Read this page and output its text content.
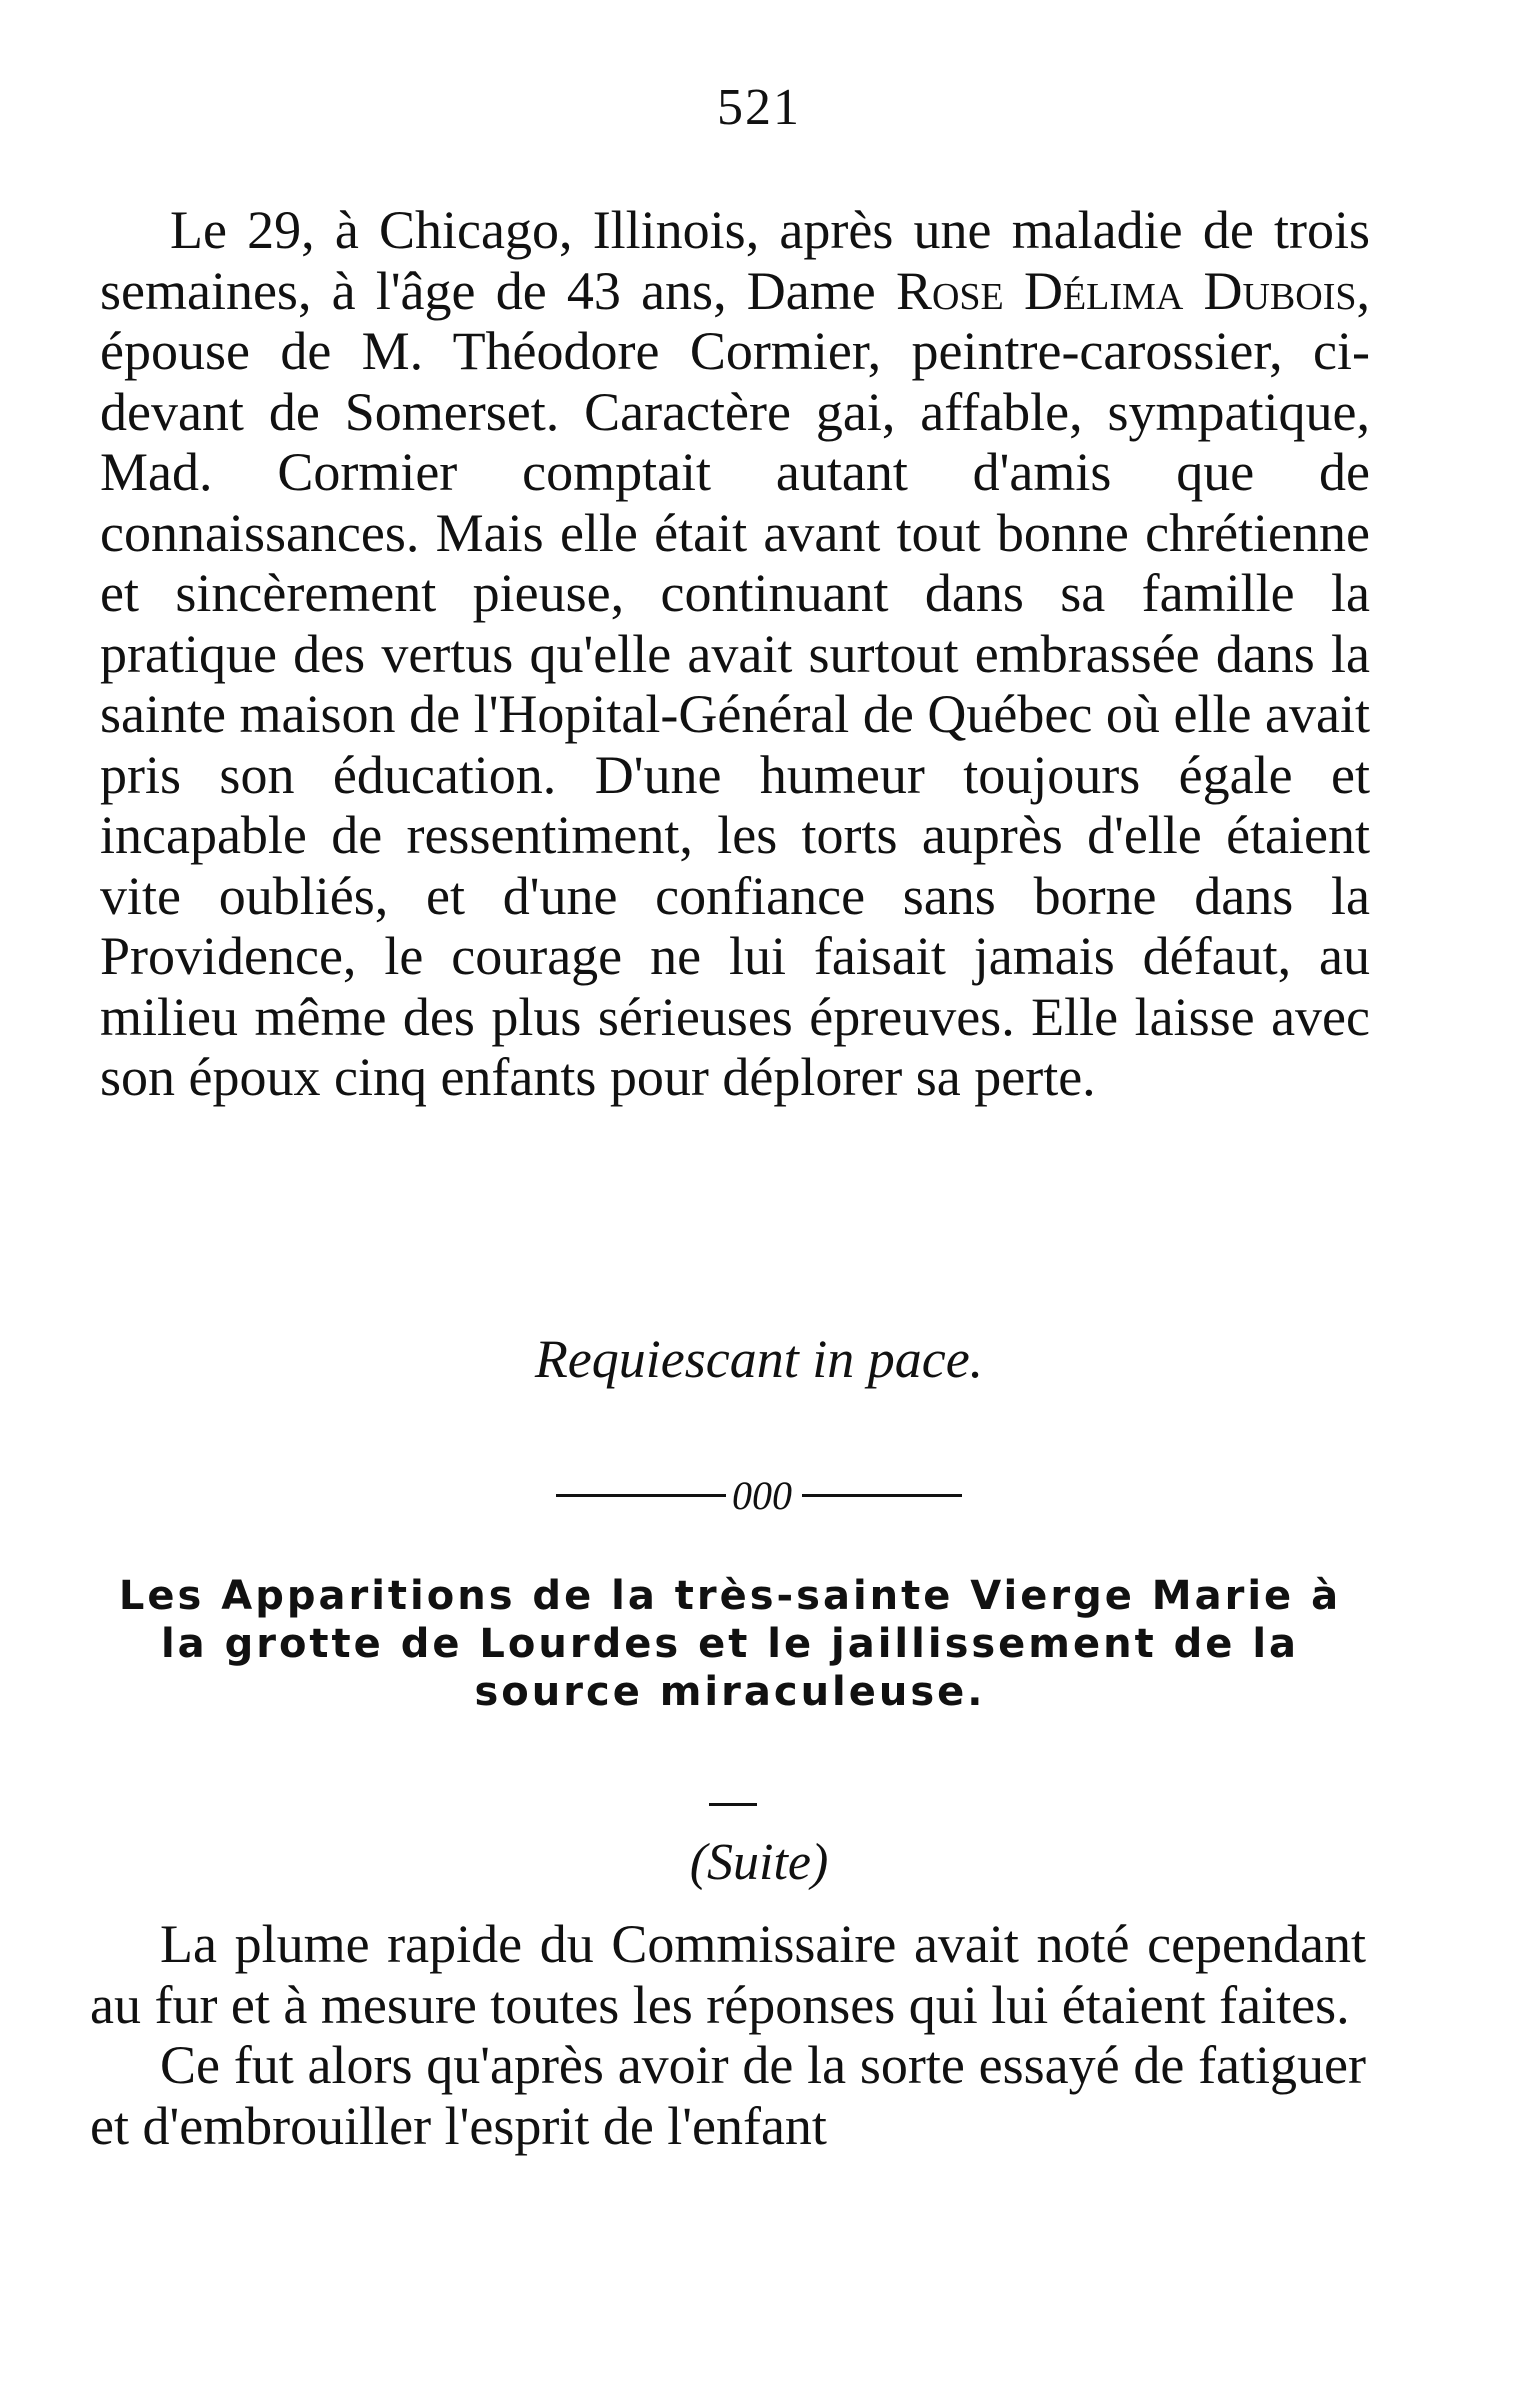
521

Le 29, à Chicago, Illinois, après une maladie de trois semaines, à l'âge de 43 ans, Dame Rose Délima Dubois, épouse de M. Théodore Cormier, peintre-carossier, ci-devant de Somerset. Caractère gai, affable, sympatique, Mad. Cormier comptait autant d'amis que de connaissances. Mais elle était avant tout bonne chrétienne et sincèrement pieuse, continuant dans sa famille la pratique des vertus qu'elle avait surtout embrassée dans la sainte maison de l'Hopital-Général de Québec où elle avait pris son éducation. D'une humeur toujours égale et incapable de ressentiment, les torts auprès d'elle étaient vite oubliés, et d'une confiance sans borne dans la Providence, le courage ne lui faisait jamais défaut, au milieu même des plus sérieuses épreuves. Elle laisse avec son époux cinq enfants pour déplorer sa perte.

Requiescant in pace.
000
Les Apparitions de la très-sainte Vierge Marie à la grotte de Lourdes et le jaillissement de la source miraculeuse.
(Suite)

La plume rapide du Commissaire avait noté cependant au fur et à mesure toutes les réponses qui lui étaient faites.

Ce fut alors qu'après avoir de la sorte essayé de fatiguer et d'embrouiller l'esprit de l'enfant
